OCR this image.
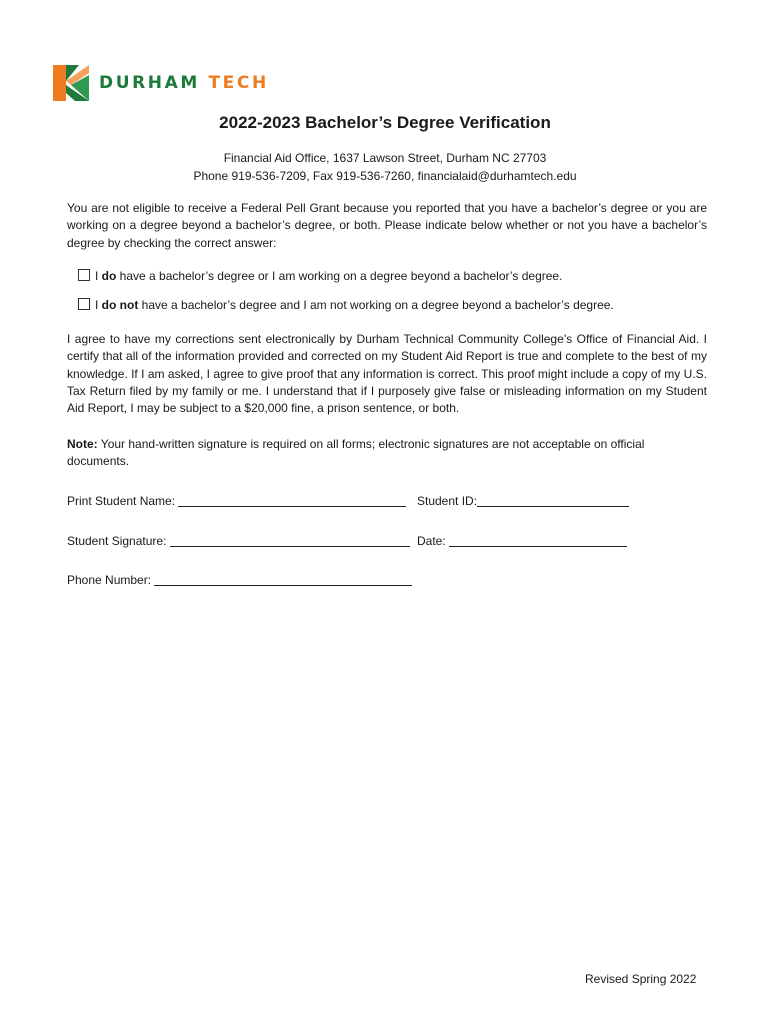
DURHAM TECH
2022-2023 Bachelor’s Degree Verification
Financial Aid Office, 1637 Lawson Street, Durham NC 27703
Phone 919-536-7209, Fax 919-536-7260, financialaid@durhamtech.edu

You are not eligible to receive a Federal Pell Grant because you reported that you have a bachelor’s degree or you are working on a degree beyond a bachelor’s degree, or both. Please indicate below whether or not you have a bachelor’s degree by checking the correct answer:

I do have a bachelor’s degree or I am working on a degree beyond a bachelor’s degree.
I do not have a bachelor’s degree and I am not working on a degree beyond a bachelor’s degree.

I agree to have my corrections sent electronically by Durham Technical Community College’s Office of Financial Aid. I certify that all of the information provided and corrected on my Student Aid Report is true and complete to the best of my knowledge. If I am asked, I agree to give proof that any information is correct. This proof might include a copy of my U.S. Tax Return filed by my family or me. I understand that if I purposely give false or misleading information on my Student Aid Report, I may be subject to a $20,000 fine, a prison sentence, or both.

Note: Your hand-written signature is required on all forms; electronic signatures are not acceptable on official documents.

Print Student Name:	Student ID:
Student Signature:	Date:
Phone Number:
Revised Spring 2022
